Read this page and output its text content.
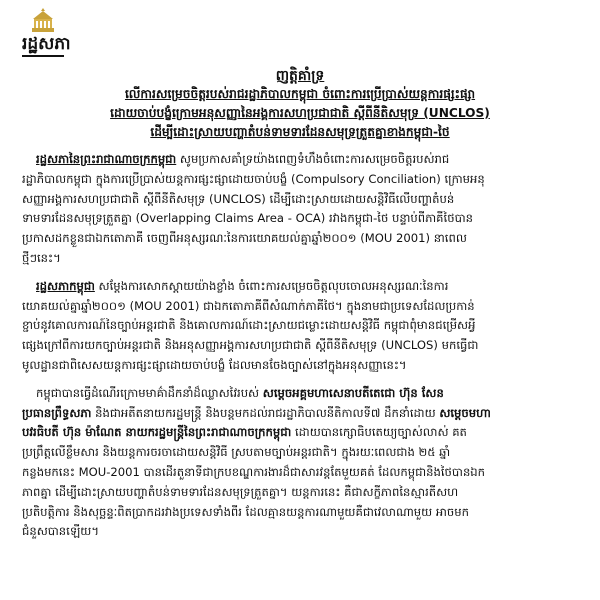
រដ្ឋសភា
ញត្តិគាំទ្រ
លើការសម្រេចចិត្តរបស់រាជរដ្ឋាភិបាលកម្ពុជា ចំពោះការប្រើប្រាស់យន្តការផ្សះផ្សា
ដោយចាប់បង្ខំក្រោមអនុសញ្ញានៃអង្គការសហប្រជាជាតិ ស្តីពីនីតិសមុទ្រ (UNCLOS)
ដើម្បីដោះស្រាយបញ្ហាតំបន់ទាមទារដែនសមុទ្រត្រួតគ្នាខាងកម្ពុជា-ថៃ
រដ្ឋសភានៃព្រះរាជាណាចក្រកម្ពុជា សូមប្រកាសគាំទ្រយ៉ាងពេញទំហឹងចំពោះការសម្រេចចិត្តរបស់រាជ
រដ្ឋាភិបាលកម្ពុជា ក្នុងការប្រើប្រាស់យន្តការផ្សះផ្សាដោយចាប់បង្ខំ (Compulsory Conciliation) ក្រោមអនុ
សញ្ញាអង្គការសហប្រជាជាតិ ស្តីពីនីតិសមុទ្រ (UNCLOS) ដើម្បីដោះស្រាយដោយសន្តិវិធីលើបញ្ហាតំបន់
ទាមទារដែនសមុទ្រត្រួតគ្នា (Overlapping Claims Area - OCA) រវាងកម្ពុជា-ថៃ បន្ទាប់ពីភាគីថៃបាន
ប្រកាសដកខ្លួនជាឯកតោភាគី ចេញពីអនុស្សរណៈនៃការយោគយល់គ្នាឆ្នាំ២០០១ (MOU 2001) នាពេល
ថ្មីៗនេះ។
រដ្ឋសភាកម្ពុជា សម្តែងការសោកស្តាយយ៉ាងខ្លាំង ចំពោះការសម្រេចចិត្តលុបចោលអនុស្សរណៈនៃការ
យោគយល់គ្នាឆ្នាំ២០០១ (MOU 2001) ជាឯកតោភាគីពីសំណាក់ភាគីថៃ។ ក្នុងនាមជាប្រទេសដែលប្រកាន់
ខ្ជាប់នូវគោលការណ៍នៃច្បាប់អន្តរជាតិ និងគោលការណ៍ដោះស្រាយជម្លោះដោយសន្តិវិធី កម្ពុជាពុំមានជម្រើសអ្វី
ផ្សេងក្រៅពីការយកច្បាប់អន្តរជាតិ និងអនុសញ្ញាអង្គការសហប្រជាជាតិ ស្តីពីនីតិសមុទ្រ (UNCLOS) មកធ្វើជា
មូលដ្ឋានជាពិសេសយន្តការផ្សះផ្សាដោយចាប់បង្ខំ ដែលមានចែងច្បាស់នៅក្នុងអនុសញ្ញានេះ។
កម្ពុជាបានធ្វើដំណើរក្រោមមាគ៌ាដឹកនាំដ៏ឈ្លាសវៃរបស់ សម្តេចអគ្គមហាសេនាបតីតេជោ ហ៊ុន សែន
ប្រធានព្រឹទ្ធសភា និងជាអតីតនាយករដ្ឋមន្ត្រី និងបន្តមកដល់រាជរដ្ឋាភិបាលនីតិកាលទី៧ ដឹកនាំដោយ សម្តេចមហា
បវរធិបតី ហ៊ុន ម៉ាណែត នាយករដ្ឋមន្ត្រីនៃព្រះរាជាណាចក្រកម្ពុជា ដោយបានក្សោធិបតេយ្យច្បាស់លាស់ គត
ប្រព្រឹត្តលើខ្លឹមសារ និងយន្តការចរចាដោយសន្តិវិធី ស្របតាមច្បាប់អន្តរជាតិ។ ក្នុងរយៈពេលជាង ២៥ ឆ្នាំ
កន្លងមកនេះ MOU-2001 បានដើរតួនាទីជាក្របខណ្ឌការងារដ៏ជាសារវន្តតែមួយគត់ ដែលកម្ពុជានិងថៃបានឯក
ភាពគ្នា ដើម្បីដោះស្រាយបញ្ហាតំបន់ទាមទារដែនសមុទ្រត្រួតគ្នា។ យន្តការនេះ គឺជាសក្ខីភាពនៃស្មារតីសហ
ប្រតិបត្តិការ និងសុច្ឆន្ទៈពិតប្រាកដរវាងប្រទេសទាំងពីរ ដែលគ្មានយន្តការណាមួយគឺជាវេលាណាមួយ អាចមក
ជំនួសបានឡើយ។
